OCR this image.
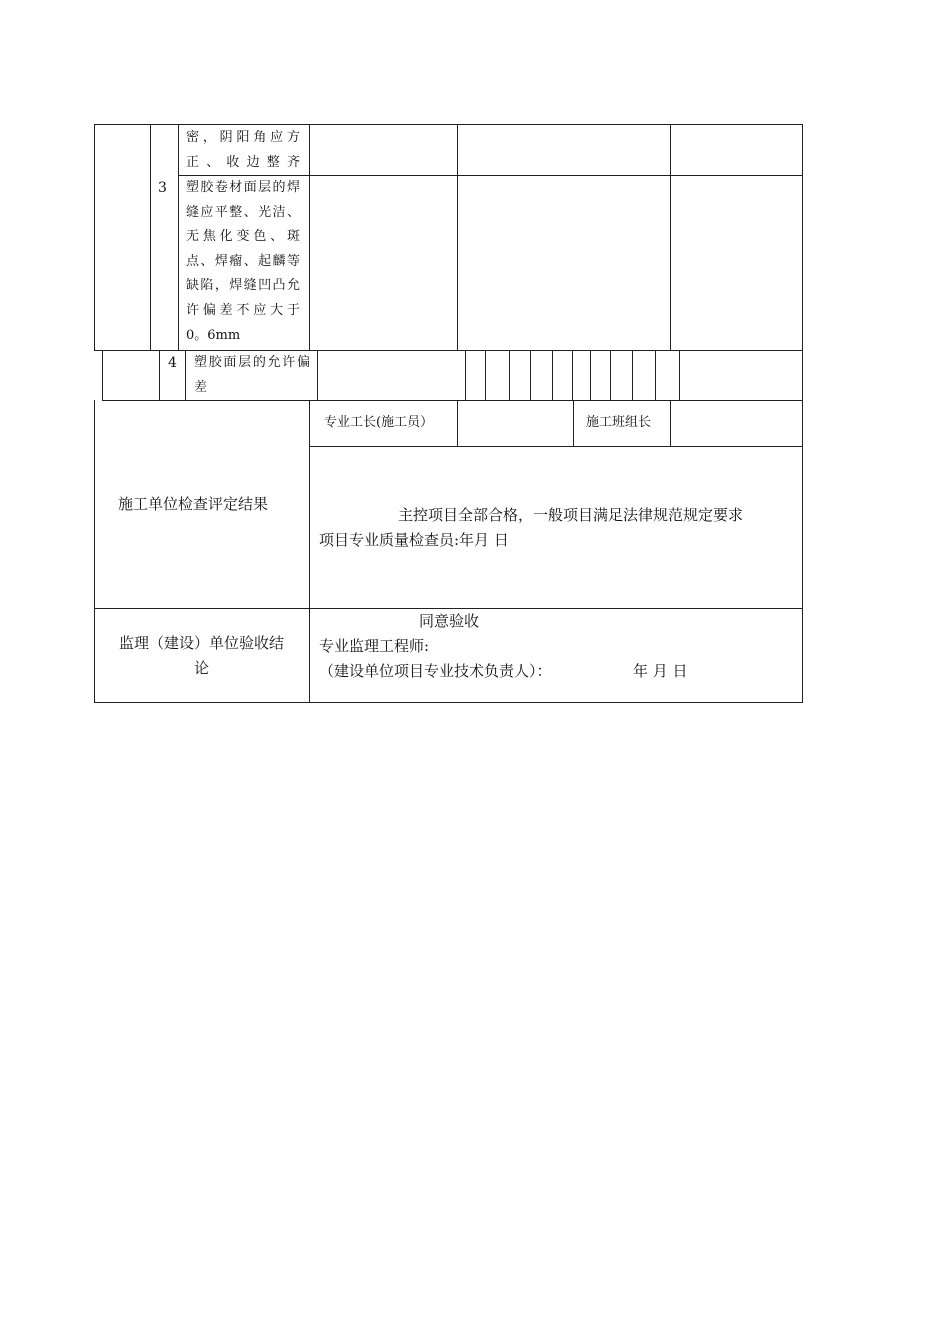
密，阴阳角应方
正、收边整齐
3 塑胶卷材面层的焊
缝应平整、光洁、
无焦化变色、斑
点、焊瘤、起麟等
缺陷，焊缝凹凸允
许偏差不应大于
0。6mm
4 塑胶面层的允许偏
差
专业工长(施工员）	施工班组长
施工单位检查评定结果
主控项目全部合格，一般项目满足法律规范规定要求
项目专业质量检查员:年月 日
监理（建设）单位验收结
论
同意验收
专业监理工程师:
（建设单位项目专业技术负责人）：	年 月 日
